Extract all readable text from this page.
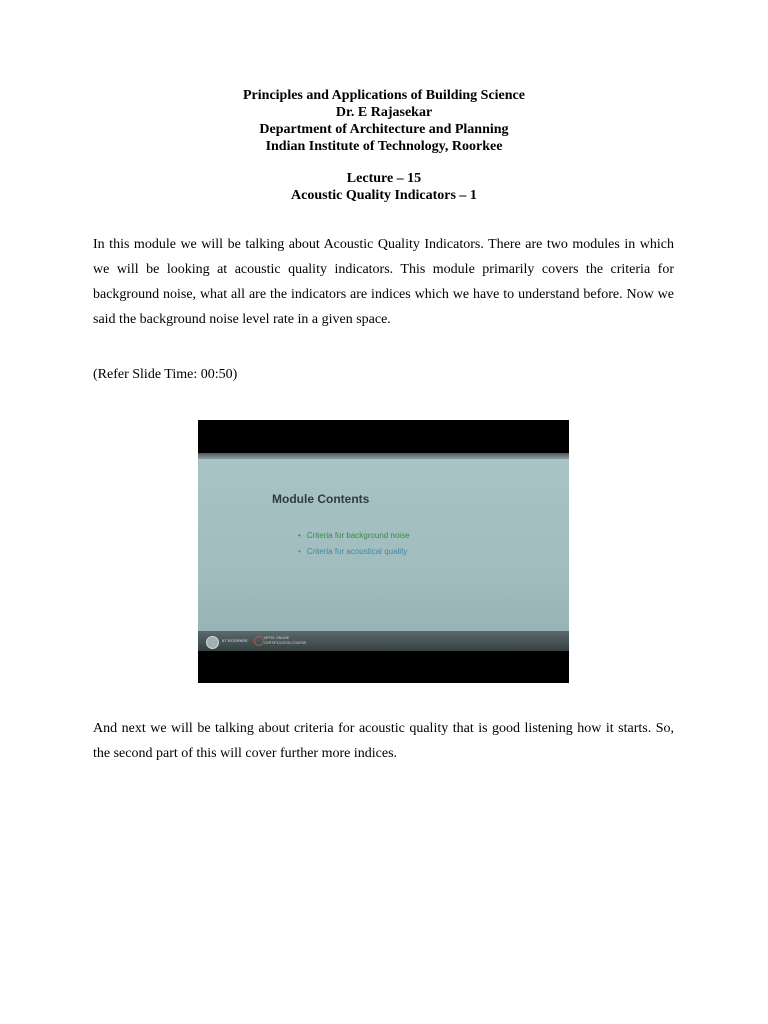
Principles and Applications of Building Science
Dr. E Rajasekar
Department of Architecture and Planning
Indian Institute of Technology, Roorkee
Lecture – 15
Acoustic Quality Indicators – 1
In this module we will be talking about Acoustic Quality Indicators. There are two modules in which we will be looking at acoustic quality indicators. This module primarily covers the criteria for background noise, what all are the indicators are indices which we have to understand before. Now we said the background noise level rate in a given space.
(Refer Slide Time: 00:50)
Module Contents
• Criteria for background noise
• Criteria for acoustical quality
IIT ROORKEE	NPTEL ONLINE
CERTIFICATION COURSE
And next we will be talking about criteria for acoustic quality that is good listening how it starts. So, the second part of this will cover further more indices.
